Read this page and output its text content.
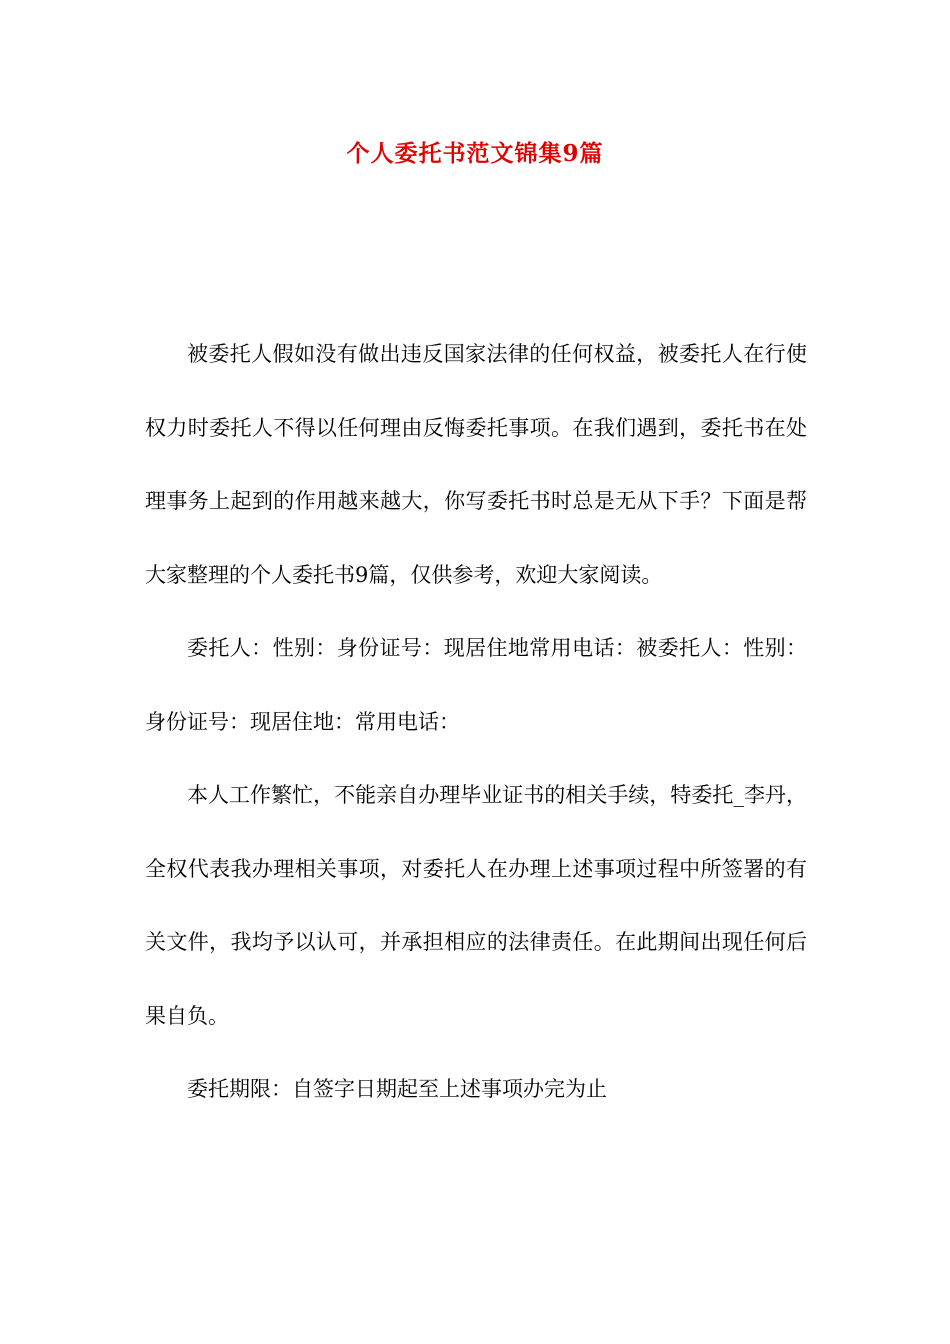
个人委托书范文锦集9篇

被委托人假如没有做出违反国家法律的任何权益，被委托人在行使权力时委托人不得以任何理由反悔委托事项。在我们遇到，委托书在处理事务上起到的作用越来越大，你写委托书时总是无从下手？下面是帮大家整理的个人委托书9篇，仅供参考，欢迎大家阅读。

委托人：性别：身份证号：现居住地常用电话：被委托人：性别：身份证号：现居住地：常用电话：

本人工作繁忙，不能亲自办理毕业证书的相关手续，特委托_李丹，全权代表我办理相关事项，对委托人在办理上述事项过程中所签署的有关文件，我均予以认可，并承担相应的法律责任。在此期间出现任何后果自负。

委托期限：自签字日期起至上述事项办完为止
